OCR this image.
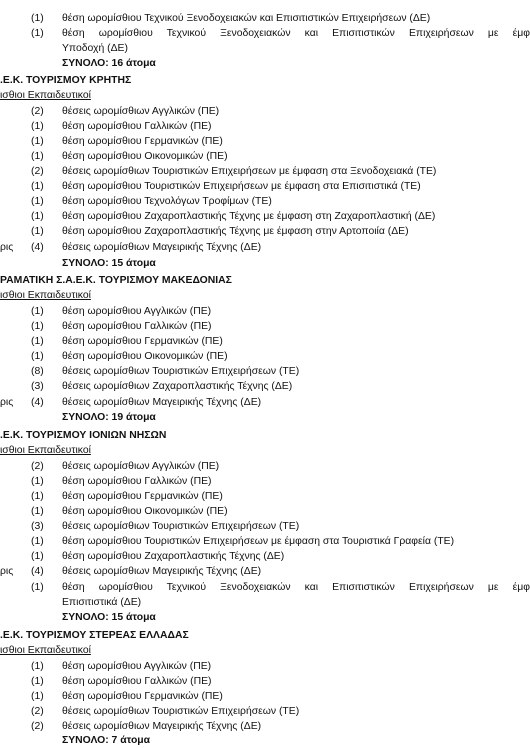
(1) θέση ωρομίσθιου Τεχνικού Ξενοδοχειακών και Επισιτιστικών Επιχειρήσεων (ΔΕ)
(1) θέση ωρομίσθιου Τεχνικού Ξενοδοχειακών και Επισιτιστικών Επιχειρήσεων με έμφ
Υποδοχή (ΔΕ)
ΣΥΝΟΛΟ: 16 άτομα
.Ε.Κ. ΤΟΥΡΙΣΜΟΥ ΚΡΗΤΗΣ
ισθιοι Εκπαιδευτικοί
(2) θέσεις ωρομίσθιων Αγγλικών (ΠΕ)
(1) θέση ωρομίσθιου Γαλλικών (ΠΕ)
(1) θέση ωρομίσθιου Γερμανικών (ΠΕ)
(1) θέση ωρομίσθιου Οικονομικών (ΠΕ)
(2) θέσεις ωρομίσθιων Τουριστικών Επιχειρήσεων με έμφαση στα Ξενοδοχειακά (ΤΕ)
(1) θέση ωρομίσθιου Τουριστικών Επιχειρήσεων με έμφαση στα Επισιτιστικά (ΤΕ)
(1) θέση ωρομίσθιου Τεχνολόγων Τροφίμων (ΤΕ)
(1) θέση ωρομίσθιου Ζαχαροπλαστικής Τέχνης με έμφαση στη Ζαχαροπλαστική (ΔΕ)
(1) θέση ωρομίσθιου Ζαχαροπλαστικής Τέχνης με έμφαση στην Αρτοποιία (ΔΕ)
ρις (4) θέσεις ωρομίσθιων Μαγειρικής Τέχνης (ΔΕ)
ΣΥΝΟΛΟ: 15 άτομα
ΡΑΜΑΤΙΚΗ Σ.Α.Ε.Κ. ΤΟΥΡΙΣΜΟΥ ΜΑΚΕΔΟΝΙΑΣ
ισθιοι Εκπαιδευτικοί
(1) θέση ωρομίσθιου Αγγλικών (ΠΕ)
(1) θέση ωρομίσθιου Γαλλικών (ΠΕ)
(1) θέση ωρομίσθιου Γερμανικών (ΠΕ)
(1) θέση ωρομίσθιου Οικονομικών (ΠΕ)
(8) θέσεις ωρομίσθιων Τουριστικών Επιχειρήσεων (ΤΕ)
(3) θέσεις ωρομίσθιων Ζαχαροπλαστικής Τέχνης (ΔΕ)
ρις (4) θέσεις ωρομίσθιων Μαγειρικής Τέχνης (ΔΕ)
ΣΥΝΟΛΟ: 19 άτομα
.Ε.Κ. ΤΟΥΡΙΣΜΟΥ ΙΟΝΙΩΝ ΝΗΣΩΝ
ισθιοι Εκπαιδευτικοί
(2) θέσεις ωρομίσθιων Αγγλικών (ΠΕ)
(1) θέση ωρομίσθιου Γαλλικών (ΠΕ)
(1) θέση ωρομίσθιου Γερμανικών (ΠΕ)
(1) θέση ωρομίσθιου Οικονομικών (ΠΕ)
(3) θέσεις ωρομίσθιων Τουριστικών Επιχειρήσεων (ΤΕ)
(1) θέση ωρομίσθιου Τουριστικών Επιχειρήσεων με έμφαση στα Τουριστικά Γραφεία (ΤΕ)
(1) θέση ωρομίσθιου Ζαχαροπλαστικής Τέχνης (ΔΕ)
ρις (4) θέσεις ωρομίσθιων Μαγειρικής Τέχνης (ΔΕ)
(1) θέση ωρομίσθιου Τεχνικού Ξενοδοχειακών και Επισιτιστικών Επιχειρήσεων με έμφ
Επισιτιστικά (ΔΕ)
ΣΥΝΟΛΟ: 15 άτομα
.Ε.Κ. ΤΟΥΡΙΣΜΟΥ ΣΤΕΡΕΑΣ ΕΛΛΑΔΑΣ
ισθιοι Εκπαιδευτικοί
(1) θέση ωρομίσθιου Αγγλικών (ΠΕ)
(1) θέση ωρομίσθιου Γαλλικών (ΠΕ)
(1) θέση ωρομίσθιου Γερμανικών (ΠΕ)
(2) θέσεις ωρομίσθιων Τουριστικών Επιχειρήσεων (ΤΕ)
(2) θέσεις ωρομίσθιων Μαγειρικής Τέχνης (ΔΕ)
ΣΥΝΟΛΟ: 7 άτομα
